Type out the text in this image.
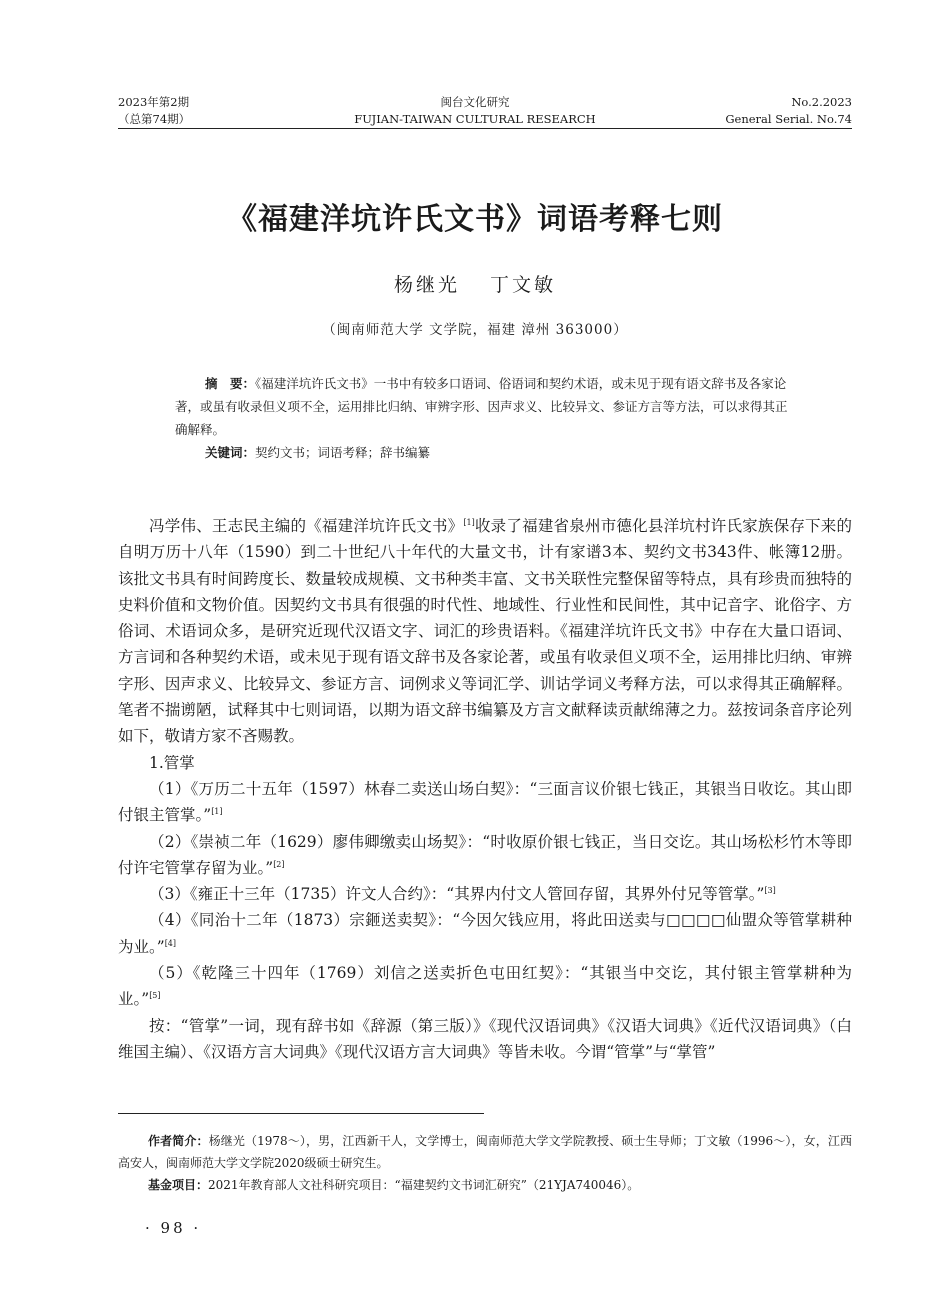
2023年第2期
（总第74期）
闽台文化研究
FUJIAN-TAIWAN CULTURAL RESEARCH
No.2.2023
General Serial. No.74
《福建洋坑许氏文书》词语考释七则
杨继光 丁文敏
（闽南师范大学 文学院，福建 漳州 363000）

摘　要：《福建洋坑许氏文书》一书中有较多口语词、俗语词和契约术语，或未见于现有语文辞书及各家论著，或虽有收录但义项不全，运用排比归纳、审辨字形、因声求义、比较异文、参证方言等方法，可以求得其正确解释。

关键词：契约文书；词语考释；辞书编纂

冯学伟、王志民主编的《福建洋坑许氏文书》[1]收录了福建省泉州市德化县洋坑村许氏家族保存下来的自明万历十八年（1590）到二十世纪八十年代的大量文书，计有家谱3本、契约文书343件、帐簿12册。该批文书具有时间跨度长、数量较成规模、文书种类丰富、文书关联性完整保留等特点，具有珍贵而独特的史料价值和文物价值。因契约文书具有很强的时代性、地域性、行业性和民间性，其中记音字、讹俗字、方俗词、术语词众多，是研究近现代汉语文字、词汇的珍贵语料。《福建洋坑许氏文书》中存在大量口语词、方言词和各种契约术语，或未见于现有语文辞书及各家论著，或虽有收录但义项不全，运用排比归纳、审辨字形、因声求义、比较异文、参证方言、词例求义等词汇学、训诂学词义考释方法，可以求得其正确解释。笔者不揣谫陋，试释其中七则词语，以期为语文辞书编纂及方言文献释读贡献绵薄之力。兹按词条音序论列如下，敬请方家不吝赐教。

1.管掌

（1）《万历二十五年（1597）林春二卖送山场白契》：“三面言议价银七钱正，其银当日收讫。其山即付银主管掌。”[1]

（2）《崇祯二年（1629）廖伟卿缴卖山场契》：“时收原价银七钱正，当日交讫。其山场松杉竹木等即付许宅管掌存留为业。”[2]

（3）《雍正十三年（1735）许文人合约》：“其界内付文人管回存留，其界外付兄等管掌。”[3]

（4）《同治十二年（1873）宗鉔送卖契》：“今因欠钱应用，将此田送卖与□□□□仙盟众等管掌耕种为业。”[4]

（5）《乾隆三十四年（1769）刘信之送卖折色屯田红契》：“其银当中交讫，其付银主管掌耕种为业。”[5]

按：“管掌”一词，现有辞书如《辞源（第三版）》《现代汉语词典》《汉语大词典》《近代汉语词典》（白维国主编）、《汉语方言大词典》《现代汉语方言大词典》等皆未收。今谓“管掌”与“掌管”

作者简介：杨继光（1978～），男，江西新干人，文学博士，闽南师范大学文学院教授、硕士生导师；丁文敏（1996～），女，江西高安人，闽南师范大学文学院2020级硕士研究生。

基金项目：2021年教育部人文社科研究项目：“福建契约文书词汇研究”（21YJA740046）。

· 98 ·
